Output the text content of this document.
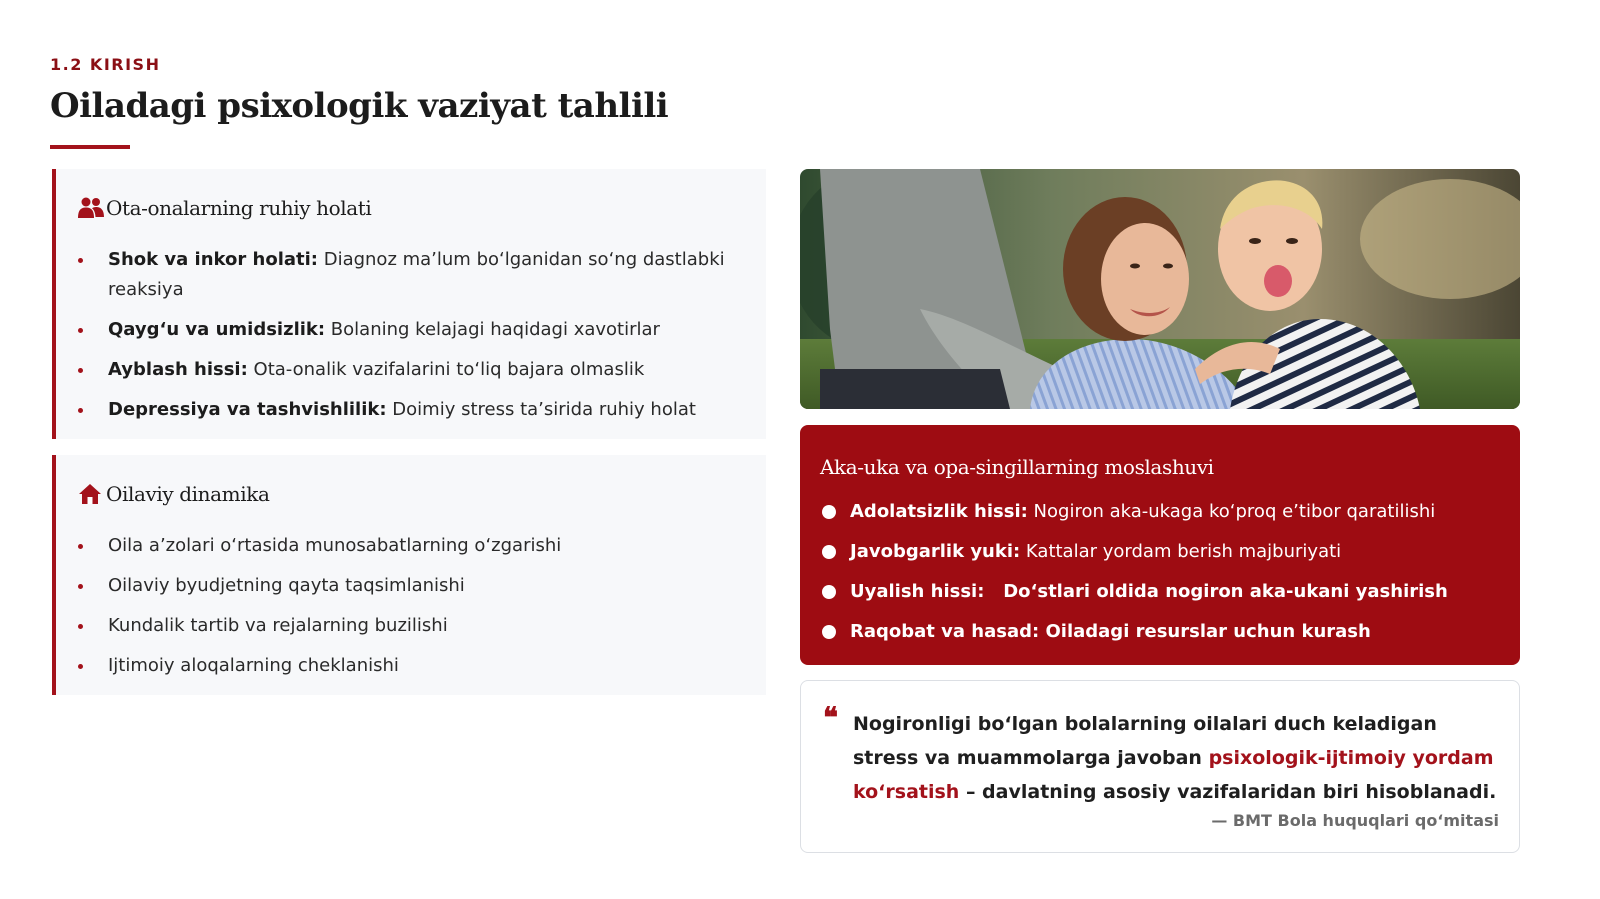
1.2 KIRISH
Oiladagi psixologik vaziyat tahlili
Ota-onalarning ruhiy holati
Shok va inkor holati: Diagnoz ma’lum bo‘lganidan so‘ng dastlabki reaksiya
Qayg‘u va umidsizlik: Bolaning kelajagi haqidagi xavotirlar
Ayblash hissi: Ota-onalik vazifalarini to‘liq bajara olmaslik
Depressiya va tashvishlilik: Doimiy stress ta’sirida ruhiy holat
Oilaviy dinamika
Oila a’zolari o‘rtasida munosabatlarning o‘zgarishi
Oilaviy byudjetning qayta taqsimlanishi
Kundalik tartib va rejalarning buzilishi
Ijtimoiy aloqalarning cheklanishi
Aka-uka va opa-singillarning moslashuvi
Adolatsizlik hissi: Nogiron aka-ukaga ko‘proq e’tibor qaratilishi
Javobgarlik yuki: Kattalar yordam berish majburiyati
Uyalish hissi:   Do‘stlari oldida nogiron aka-ukani yashirish
Raqobat va hasad: Oiladagi resurslar uchun kurash
❝ Nogironligi bo‘lgan bolalarning oilalari duch keladigan stress va muammolarga javoban psixologik-ijtimoiy yordam ko‘rsatish – davlatning asosiy vazifalaridan biri hisoblanadi.

— BMT Bola huquqlari qo‘mitasi
